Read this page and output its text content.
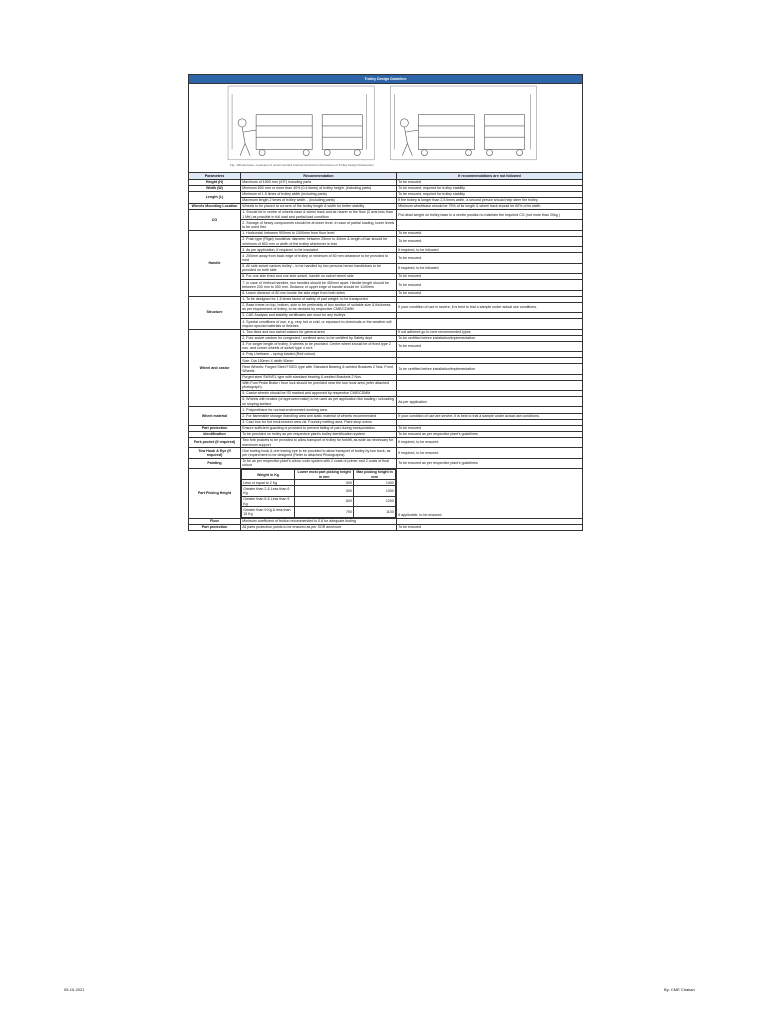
Trolley Design Guideline

Fig.: Wheels base, measures of recommended maximum/minimum dimensions of Trolley Design Parameters

Parameters	Recommendation	If recommendations are not followed
Height (H)	Maximum of 1500 mm (4'9") including parts	To be ensured
Width (W)	Minimum 600 mm or more than 40% (0.4 times) of trolley height, (including parts)	To be ensured, required for trolley stability
Length (L)	Minimum of 1.5 times of trolley width (including parts)	To be ensured, required for trolley stability
Maximum length 2 times of trolley width. - (including parts)	If the trolley is longer than 2.5 times width, a second person should help steer the trolley.
Wheels Mounting Location	Wheels to be placed at corners of the trolley length & width for better stability	Minimum wheelbase should be 75% of its length & wheel track should be 60% of its width.
CG	1. Should be in centre of wheels base & wheel track and as nearer to the floor (2 axis less than 1 Mtr) as possible in full load and partial load condition	Put dead weight on trolley base in a centre position to maintain the required CG (not more than 20kg )
2. Storage of heavy components should be at lower level. In case of partial loading, lower levels to be used first	-
Handle	1. Horizontal; between 900mm to 1000mm from floor level	To be ensured.
2. Push type (Rigid) handlebar diameter between 25mm to 40mm & length of bar should be minimum of 800 mm or width of the trolley whichever is less	To be ensured.
3. As per application, if required, to be insulated	If required, to be followed
4. 200mm away from back edge of trolley or minimum of 50 mm clearance to be provided to hold	To be ensured.
5. All side swivel castors trolley – to be handled by two persons hence handlebars to be provided on both side	If required, to be followed
6. For one side fixed and one side swivel, handle on swivel wheel side	To be ensured
7. In case of Vertical handles, two handles should be 450mm apart. Handle length should be between 200 mm to 300 mm. Distance of upper edge of handle should be 1100mm	To be ensured
8. Leave distance of 80 mm inside the side edge from both sides	To be ensured
Structure	1. To be designed for 1.5 times factor of safety of part weight, to be transported	
2. Base frame on top, bottom, side to be preferably of box section of suitable size & thickness as per requirement of trolley, to be decided by respective CME/CDMM	If your condition of use is severe, it is best to trial a sample under actual use conditions.
3. CAE Analysis and stability certificates are must for any trolleys	
4. Special conditions of use, e.g. very hot or cold, or exposure to chemicals or the weather will require special materials or finishes.	
Wheel and castor	1. Two fixed and two swivel castors for general area	If not adhered go to next recommended types
2. Four swivel castors for congested / confined area, to be certified by Safety dept	To be certified before installation/implementation
3. For longer length of trolley, 6 wheels to be provided. Centre wheel should be of fixed type 2 nos. and corner wheels of swivel type 4 no's	To be ensured
4. Poly Urethane – spring loaded (Red colour)	
Size: Dia 150mm X width 50mm	
Rear Wheels: Forged Steel FIXED type with Standard Bearing & welded Brackets 2 Nos. Front Wheels:	To be certified before installation/implementation
Forged steel SWIVEL type with standard bearing & welded Brackets 2 Nos.	
With Foot Pedal Brake / floor lock should be provided near the tow hook area (refer attached photograph).	
5. Castor wheels should be ISI marked and approved by respective CME/CDMM	
6. Wheels with brakes (of approved make) to be used as per application like loading / unloading on sloping surface	As per application
Wheel material	1. Polyurethane for normal environment working area.	
2. For flammable storage /handling area anti static material of wheels recommended	If your condition of use are severe, it is best to trial a sample under actual use conditions.
3. Cast Iron for hot environment area viz. Foundry melting area, Paint shop ovens	
Part protection	Ensure sufficient guarding is provided to prevent falling of part during transportation	To be ensured
Identification	To be provided on trolley as per respective plant's trolley identification system	To be ensured as per respective plant's guidelines
Fork pocket (If required)	Two fork pockets to be provided to allow transport of trolley for forklift, as wide as necessary for maximum support	If required, to be ensured
Tow Hook & Eye (If required)	One towing hook & one towing eye to be provided to allow transport of trolley by tow truck, as per requirement to be designed (Refer to attached Photographs)	If required, to be ensured
Painting	To be as per respective plant's colour code system with 2 coats of primer and 2 coats of final colour	To be ensured as per respective plant's guidelines
Part Picking Height	
Weight in Kg	Lower most part picking height in mm	Max picking height in mm
Less or equal to 2 Kg	500	1400
Greater than 2 & Less than 6 Kg	500	1300
Greater than 6 & Less than 9 Kg	600	1200
Greater than 9 Kg & less than 15 Kg	700	1100
	If applicable, to be ensured
Floor	Minimum coefficient of friction recommended is 0.8 for adequate footing	
Part protection	All parts protection points to be ensured as per SOR annexure	To be ensured
05-10-2021	By: CME Chakan
